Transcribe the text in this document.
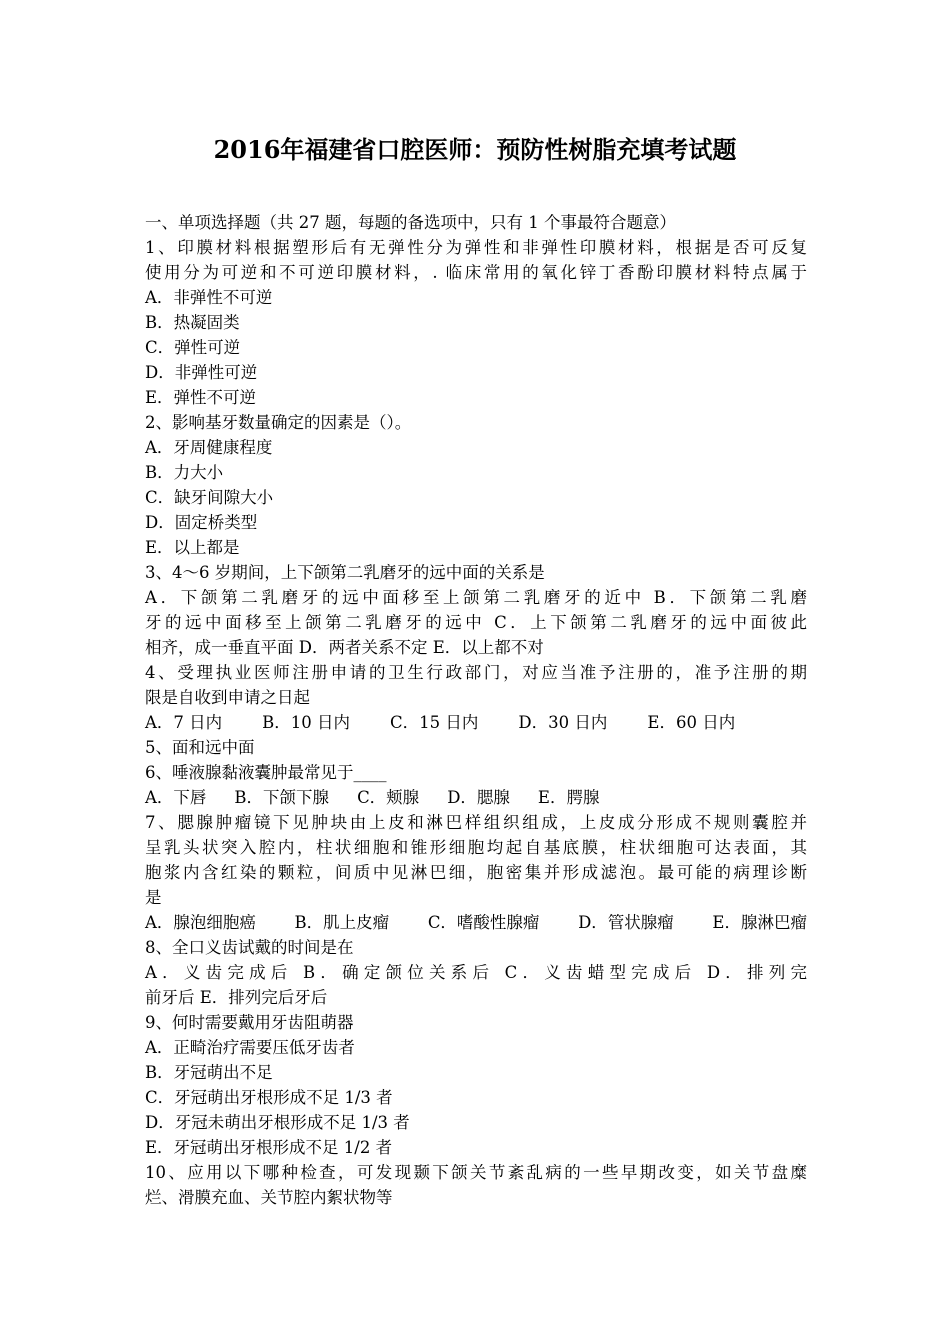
2016年福建省口腔医师：预防性树脂充填考试题
一、单项选择题（共 27 题，每题的备选项中，只有 1 个事最符合题意）
1、印膜材料根据塑形后有无弹性分为弹性和非弹性印膜材料，根据是否可反复
使用分为可逆和不可逆印膜材料，. 临床常用的氧化锌丁香酚印膜材料特点属于
A．非弹性不可逆
B．热凝固类
C．弹性可逆
D．非弹性可逆
E．弹性不可逆
2、影响基牙数量确定的因素是（）。
A．牙周健康程度
B．力大小
C．缺牙间隙大小
D．固定桥类型
E．以上都是
3、4～6 岁期间，上下颌第二乳磨牙的远中面的关系是
A．下颌第二乳磨牙的远中面移至上颌第二乳磨牙的近中 B．下颌第二乳磨
牙的远中面移至上颌第二乳磨牙的远中 C．上下颌第二乳磨牙的远中面彼此
相齐，成一垂直平面 D．两者关系不定 E．以上都不对
4、受理执业医师注册申请的卫生行政部门，对应当准予注册的，准予注册的期
限是自收到申请之日起
A．7 日内 B．10 日内 C．15 日内 D．30 日内 E．60 日内
5、面和远中面
6、唾液腺黏液囊肿最常见于____
A．下唇 B．下颌下腺 C．颊腺 D．腮腺 E．腭腺
7、腮腺肿瘤镜下见肿块由上皮和淋巴样组织组成，上皮成分形成不规则囊腔并
呈乳头状突入腔内，柱状细胞和锥形细胞均起自基底膜，柱状细胞可达表面，其
胞浆内含红染的颗粒，间质中见淋巴细，胞密集并形成滤泡。最可能的病理诊断
是
A．腺泡细胞癌 B．肌上皮瘤 C．嗜酸性腺瘤 D．管状腺瘤 E．腺淋巴瘤
8、全口义齿试戴的时间是在
A．义齿完成后 B．确定颌位关系后 C．义齿蜡型完成后 D．排列完
前牙后 E．排列完后牙后
9、何时需要戴用牙齿阻萌器
A．正畸治疗需要压低牙齿者
B．牙冠萌出不足
C．牙冠萌出牙根形成不足 1/3 者
D．牙冠未萌出牙根形成不足 1/3 者
E．牙冠萌出牙根形成不足 1/2 者
10、应用以下哪种检查，可发现颞下颌关节紊乱病的一些早期改变，如关节盘糜
烂、滑膜充血、关节腔内絮状物等
